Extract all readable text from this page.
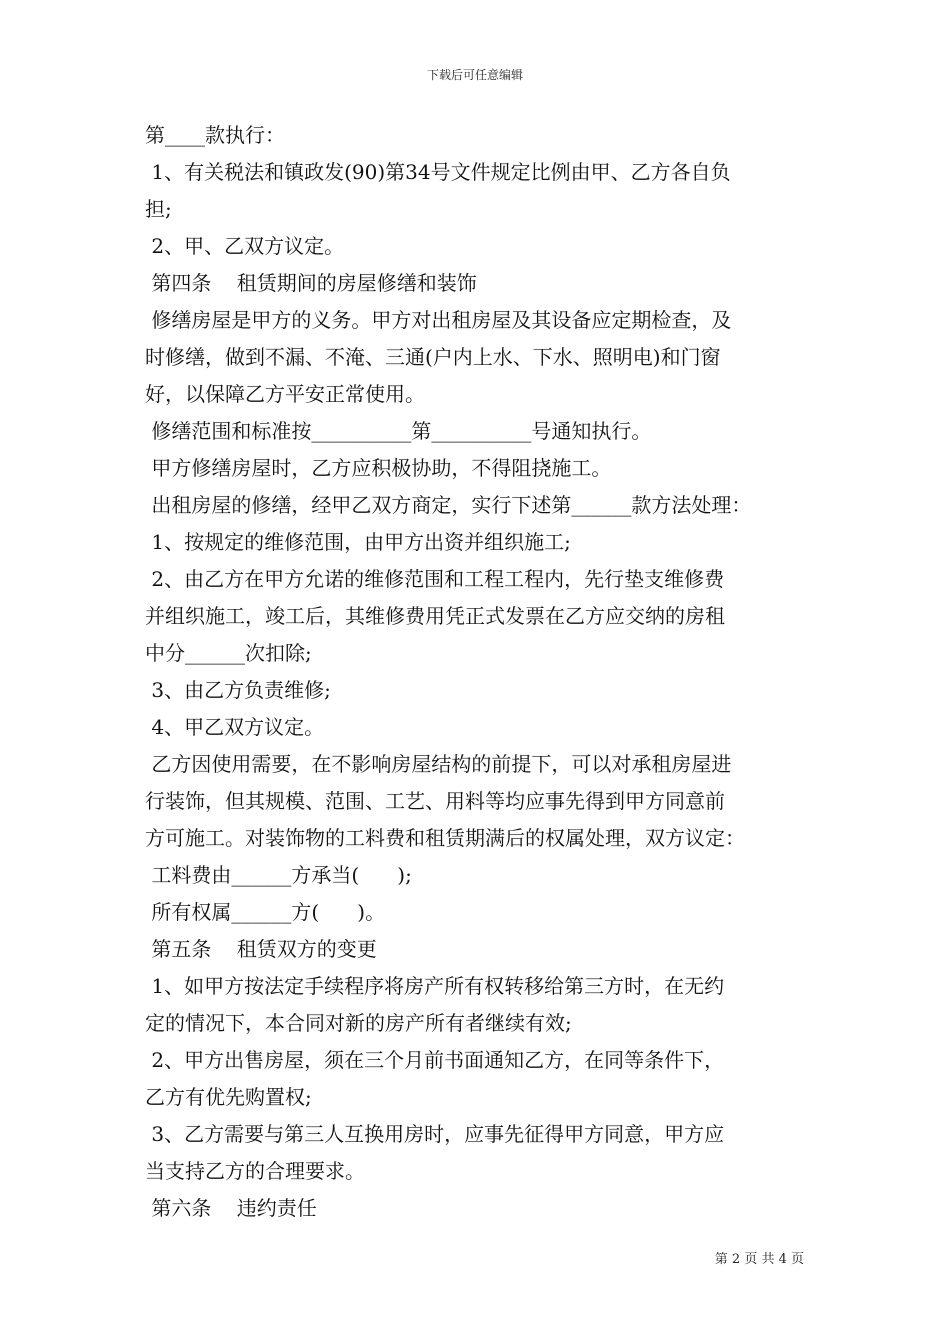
下载后可任意编辑
第____款执行：
1、有关税法和镇政发(90)第34号文件规定比例由甲、乙方各自负
担;
2、甲、乙双方议定。
第四条    租赁期间的房屋修缮和装饰
修缮房屋是甲方的义务。甲方对出租房屋及其设备应定期检查，及
时修缮，做到不漏、不淹、三通(户内上水、下水、照明电)和门窗
好，以保障乙方平安正常使用。
修缮范围和标准按__________第__________号通知执行。
甲方修缮房屋时，乙方应积极协助，不得阻挠施工。
出租房屋的修缮，经甲乙双方商定，实行下述第______款方法处理：
1、按规定的维修范围，由甲方出资并组织施工;
2、由乙方在甲方允诺的维修范围和工程工程内，先行垫支维修费
并组织施工，竣工后，其维修费用凭正式发票在乙方应交纳的房租
中分______次扣除;
3、由乙方负责维修;
4、甲乙双方议定。
乙方因使用需要，在不影响房屋结构的前提下，可以对承租房屋进
行装饰，但其规模、范围、工艺、用料等均应事先得到甲方同意前
方可施工。对装饰物的工料费和租赁期满后的权属处理，双方议定：
工料费由______方承当(      );
所有权属______方(      )。
第五条    租赁双方的变更
1、如甲方按法定手续程序将房产所有权转移给第三方时，在无约
定的情况下，本合同对新的房产所有者继续有效;
2、甲方出售房屋，须在三个月前书面通知乙方，在同等条件下，
乙方有优先购置权;
3、乙方需要与第三人互换用房时，应事先征得甲方同意，甲方应
当支持乙方的合理要求。
第六条    违约责任
第 2 页 共 4 页
